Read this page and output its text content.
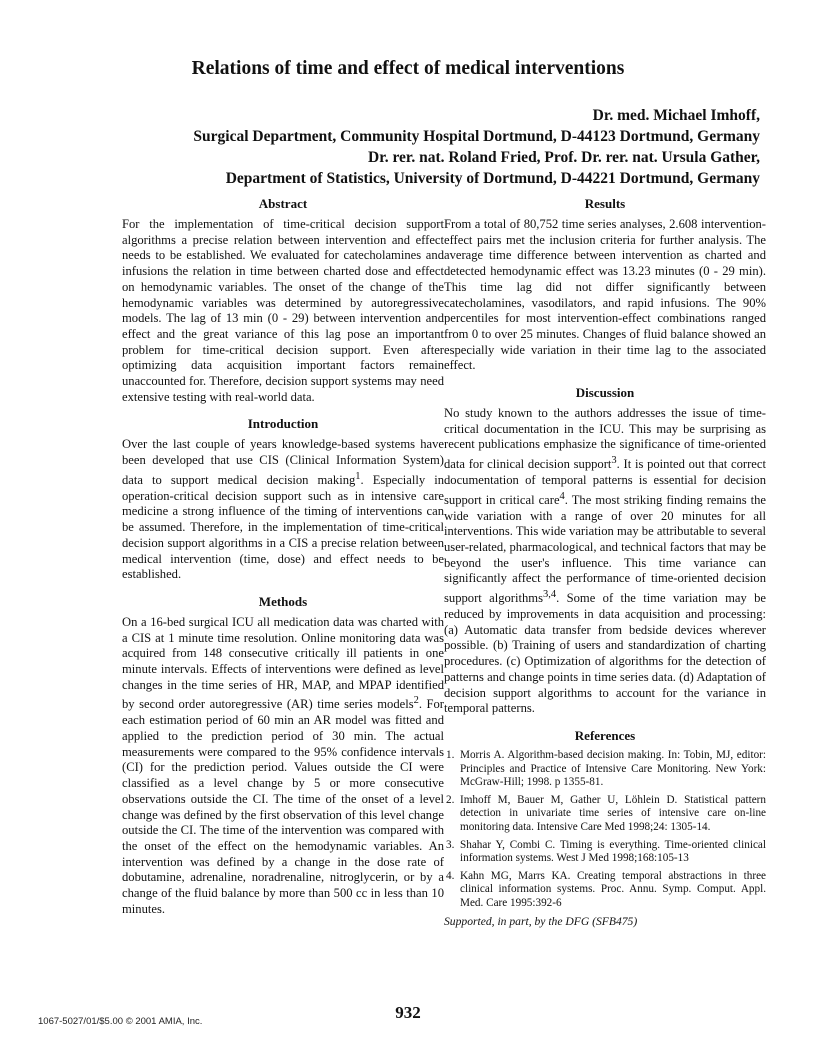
Relations of time and effect of medical interventions
Dr. med. Michael Imhoff,
Surgical Department, Community Hospital Dortmund, D-44123 Dortmund, Germany
Dr. rer. nat. Roland Fried, Prof. Dr. rer. nat. Ursula Gather,
Department of Statistics, University of Dortmund, D-44221 Dortmund, Germany
Abstract

For the implementation of time-critical decision support algorithms a precise relation between intervention and effect needs to be established. We evaluated for catecholamines and infusions the relation in time between charted dose and effect on hemodynamic variables. The onset of the change of the hemodynamic variables was determined by autoregressive models. The lag of 13 min (0 - 29) between intervention and effect and the great variance of this lag pose an important problem for time-critical decision support. Even after optimizing data acquisition important factors remain unaccounted for. Therefore, decision support systems may need extensive testing with real-world data.

Introduction

Over the last couple of years knowledge-based systems have been developed that use CIS (Clinical Information System) data to support medical decision making$^1$. Especially in operation-critical decision support such as in intensive care medicine a strong influence of the timing of interventions can be assumed. Therefore, in the implementation of time-critical decision support algorithms in a CIS a precise relation between medical intervention (time, dose) and effect needs to be established.

Methods

On a 16-bed surgical ICU all medication data was charted with a CIS at 1 minute time resolution. Online monitoring data was acquired from 148 consecutive critically ill patients in one minute intervals. Effects of interventions were defined as level changes in the time series of HR, MAP, and MPAP identified by second order autoregressive (AR) time series models$^2$. For each estimation period of 60 min an AR model was fitted and applied to the prediction period of 30 min. The actual measurements were compared to the 95% confidence intervals (CI) for the prediction period. Values outside the CI were classified as a level change by 5 or more consecutive observations outside the CI. The time of the onset of a level change was defined by the first observation of this level change outside the CI. The time of the intervention was compared with the onset of the effect on the hemodynamic variables. An intervention was defined by a change in the dose rate of dobutamine, adrenaline, noradrenaline, nitroglycerin, or by a change of the fluid balance by more than 500 cc in less than 10 minutes.

Results

From a total of 80,752 time series analyses, 2.608 intervention-effect pairs met the inclusion criteria for further analysis. The average time difference between intervention as charted and detected hemodynamic effect was 13.23 minutes (0 - 29 min). This time lag did not differ significantly between catecholamines, vasodilators, and rapid infusions. The 90% percentiles for most intervention-effect combinations ranged from 0 to over 25 minutes. Changes of fluid balance showed an especially wide variation in their time lag to the associated effect.

Discussion

No study known to the authors addresses the issue of time-critical documentation in the ICU. This may be surprising as recent publications emphasize the significance of time-oriented data for clinical decision support$^3$. It is pointed out that correct documentation of temporal patterns is essential for decision support in critical care$^4$. The most striking finding remains the wide variation with a range of over 20 minutes for all interventions. This wide variation may be attributable to several user-related, pharmacological, and technical factors that may be beyond the user's influence. This time variance can significantly affect the performance of time-oriented decision support algorithms$^{3,4}$. Some of the time variation may be reduced by improvements in data acquisition and processing: (a) Automatic data transfer from bedside devices wherever possible. (b) Training of users and standardization of charting procedures. (c) Optimization of algorithms for the detection of patterns and change points in time series data. (d) Adaptation of decision support algorithms to account for the variance in temporal patterns.

References
1. Morris A. Algorithm-based decision making. In: Tobin, MJ, editor: Principles and Practice of Intensive Care Monitoring. New York: McGraw-Hill; 1998. p 1355-81.
2. Imhoff M, Bauer M, Gather U, Löhlein D. Statistical pattern detection in univariate time series of intensive care on-line monitoring data. Intensive Care Med 1998;24: 1305-14.
3. Shahar Y, Combi C. Timing is everything. Time-oriented clinical information systems. West J Med 1998;168:105-13
4. Kahn MG, Marrs KA. Creating temporal abstractions in three clinical information systems. Proc. Annu. Symp. Comput. Appl. Med. Care 1995:392-6

Supported, in part, by the DFG (SFB475)

1067-5027/01/$5.00 © 2001 AMIA, Inc.	932
